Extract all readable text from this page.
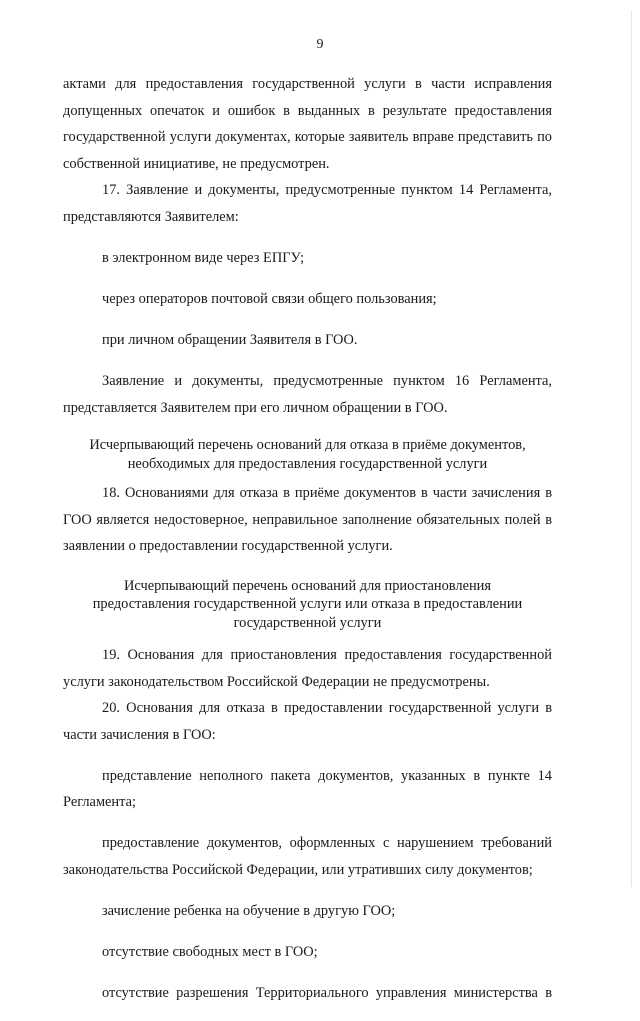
9

актами для предоставления государственной услуги в части исправления допущенных опечаток и ошибок в выданных в результате предоставления государственной услуги документах, которые заявитель вправе представить по собственной инициативе, не предусмотрен.

17. Заявление и документы, предусмотренные пунктом 14 Регламента, представляются Заявителем:

в электронном виде через ЕПГУ;

через операторов почтовой связи общего пользования;

при личном обращении Заявителя в ГОО.

Заявление и документы, предусмотренные пунктом 16 Регламента, представляется Заявителем при его личном обращении в ГОО.

Исчерпывающий перечень оснований для отказа в приёме документов,
необходимых для предоставления государственной услуги

18. Основаниями для отказа в приёме документов в части зачисления в ГОО является недостоверное, неправильное заполнение обязательных полей в заявлении о предоставлении государственной услуги.

Исчерпывающий перечень оснований для приостановления
предоставления государственной услуги или отказа в предоставлении
государственной услуги

19. Основания для приостановления предоставления государственной услуги законодательством Российской Федерации не предусмотрены.

20. Основания для отказа в предоставлении государственной услуги в части зачисления в ГОО:

представление неполного пакета документов, указанных в пункте 14 Регламента;

предоставление документов, оформленных с нарушением требований законодательства Российской Федерации, или утративших силу документов;

зачисление ребенка на обучение в другую ГОО;

отсутствие свободных мест в ГОО;

отсутствие разрешения Территориального управления министерства в
